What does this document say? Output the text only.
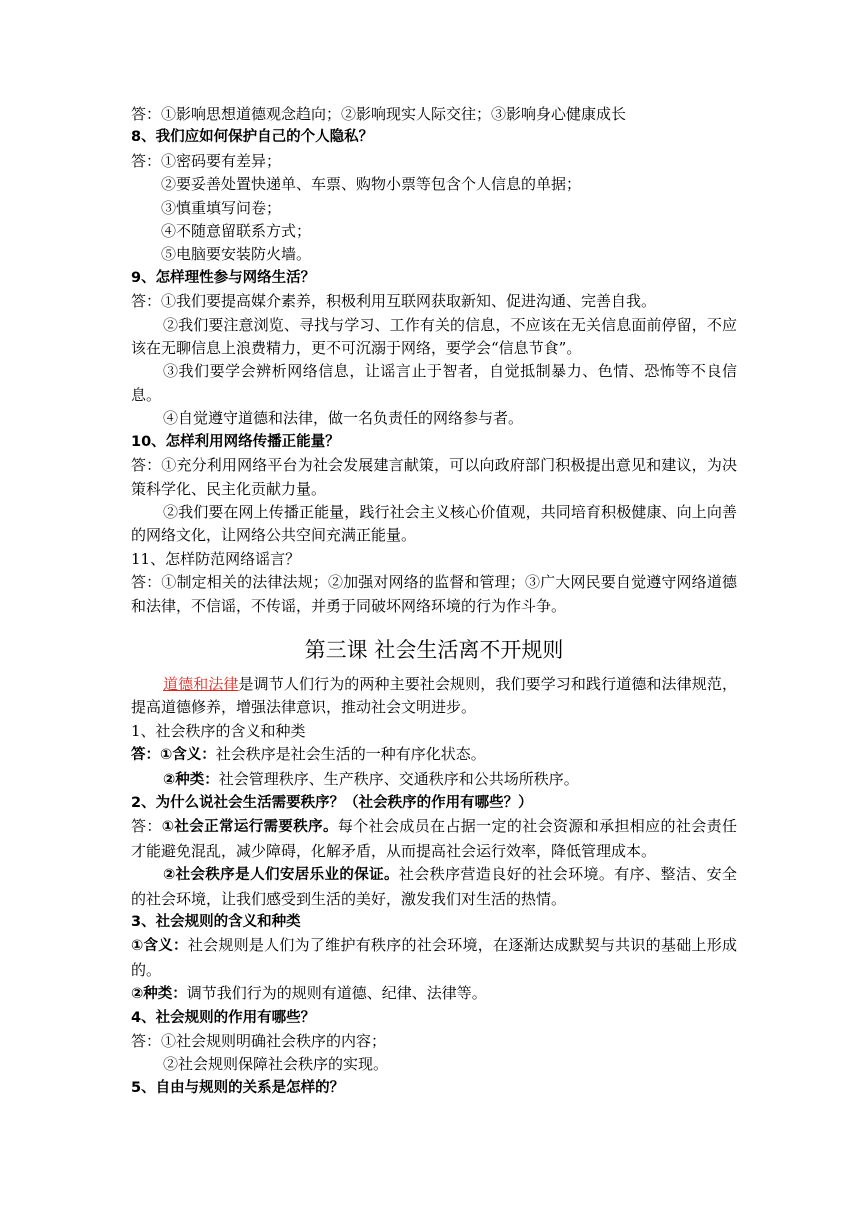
答：①影响思想道德观念趋向；②影响现实人际交往；③影响身心健康成长
8、我们应如何保护自己的个人隐私？
答：①密码要有差异；
②要妥善处置快递单、车票、购物小票等包含个人信息的单据；
③慎重填写问卷；
④不随意留联系方式；
⑤电脑要安装防火墙。
9、怎样理性参与网络生活？
答：①我们要提高媒介素养，积极利用互联网获取新知、促进沟通、完善自我。
②我们要注意浏览、寻找与学习、工作有关的信息，不应该在无关信息面前停留，不应该在无聊信息上浪费精力，更不可沉溺于网络，要学会“信息节食”。
③我们要学会辨析网络信息，让谣言止于智者，自觉抵制暴力、色情、恐怖等不良信息。
④自觉遵守道德和法律，做一名负责任的网络参与者。
10、怎样利用网络传播正能量？
答：①充分利用网络平台为社会发展建言献策，可以向政府部门积极提出意见和建议，为决策科学化、民主化贡献力量。
②我们要在网上传播正能量，践行社会主义核心价值观，共同培育积极健康、向上向善的网络文化，让网络公共空间充满正能量。
11、怎样防范网络谣言？
答：①制定相关的法律法规；②加强对网络的监督和管理；③广大网民要自觉遵守网络道德和法律，不信谣，不传谣，并勇于同破坏网络环境的行为作斗争。
第三课 社会生活离不开规则
道德和法律是调节人们行为的两种主要社会规则，我们要学习和践行道德和法律规范，提高道德修养，增强法律意识，推动社会文明进步。
1、社会秩序的含义和种类
答：①含义：社会秩序是社会生活的一种有序化状态。
②种类：社会管理秩序、生产秩序、交通秩序和公共场所秩序。
2、为什么说社会生活需要秩序？（社会秩序的作用有哪些？）
答：①社会正常运行需要秩序。每个社会成员在占据一定的社会资源和承担相应的社会责任才能避免混乱，减少障碍，化解矛盾，从而提高社会运行效率，降低管理成本。
②社会秩序是人们安居乐业的保证。社会秩序营造良好的社会环境。有序、整洁、安全的社会环境，让我们感受到生活的美好，激发我们对生活的热情。
3、社会规则的含义和种类
①含义：社会规则是人们为了维护有秩序的社会环境，在逐渐达成默契与共识的基础上形成的。
②种类：调节我们行为的规则有道德、纪律、法律等。
4、社会规则的作用有哪些？
答：①社会规则明确社会秩序的内容；
②社会规则保障社会秩序的实现。
5、自由与规则的关系是怎样的？
